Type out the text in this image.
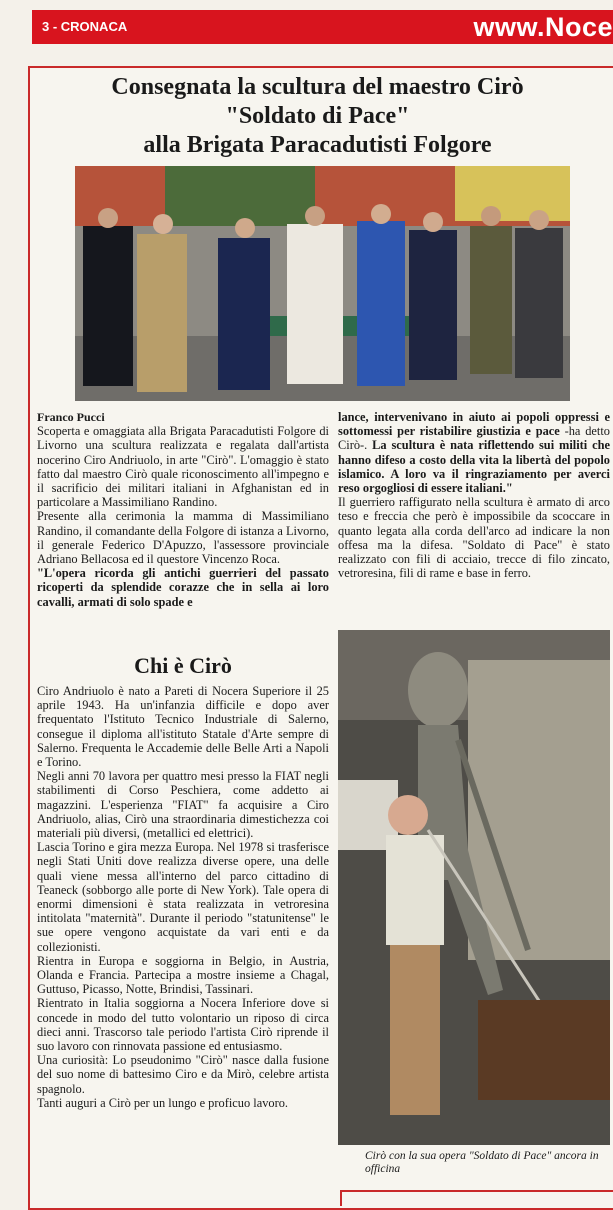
3 - CRONACA	www.Noce
Consegnata la scultura del maestro Cirò
"Soldato di Pace"
alla Brigata Paracadutisti Folgore

Franco Pucci

Scoperta e omaggiata alla Brigata Paracadutisti Folgore di Livorno una scultura realizzata e regalata dall'artista nocerino Ciro Andriuolo, in arte "Cirò". L'omaggio è stato fatto dal maestro Cirò quale riconoscimento all'impegno e il sacrificio dei militari italiani in Afghanistan ed in particolare a Massimiliano Randino.

Presente alla cerimonia la mamma di Massimiliano Randino, il comandante della Folgore di istanza a Livorno, il generale Federico D'Apuzzo, l'assessore provinciale Adriano Bellacosa ed il questore Vincenzo Roca.

"L'opera ricorda gli antichi guerrieri del passato ricoperti da splendide corazze che in sella ai loro cavalli, armati di solo spade e

Chi è Cirò

Ciro Andriuolo è nato a Pareti di Nocera Superiore il 25 aprile 1943. Ha un'infanzia difficile e dopo aver frequentato l'Istituto Tecnico Industriale di Salerno, consegue il diploma all'istituto Statale d'Arte sempre di Salerno. Frequenta le Accademie delle Belle Arti a Napoli e Torino.

Negli anni 70 lavora per quattro mesi presso la FIAT negli stabilimenti di Corso Peschiera, come addetto ai magazzini. L'esperienza "FIAT" fa acquisire a Ciro Andriuolo, alias, Cirò una straordinaria dimestichezza coi materiali più diversi, (metallici ed elettrici).

Lascia Torino e gira mezza Europa. Nel 1978 si trasferisce negli Stati Uniti dove realizza diverse opere, una delle quali viene messa all'interno del parco cittadino di Teaneck (sobborgo alle porte di New York). Tale opera di enormi dimensioni è stata realizzata in vetroresina intitolata "maternità". Durante il periodo "statunitense" le sue opere vengono acquistate da vari enti e da collezionisti.

Rientra in Europa e soggiorna in Belgio, in Austria, Olanda e Francia. Partecipa a mostre insieme a Chagal, Guttuso, Picasso, Notte, Brindisi, Tassinari.

Rientrato in Italia soggiorna a Nocera Inferiore dove si concede in modo del tutto volontario un riposo di circa dieci anni. Trascorso tale periodo l'artista Cirò riprende il suo lavoro con rinnovata passione ed entusiasmo.

Una curiosità: Lo pseudonimo "Cirò" nasce dalla fusione del suo nome di battesimo Ciro e da Mirò, celebre artista spagnolo.

Tanti auguri a Cirò per un lungo e proficuo lavoro.

lance, intervenivano in aiuto ai popoli oppressi e sottomessi per ristabilire giustizia e pace -ha detto Cirò-. La scultura è nata riflettendo sui militi che hanno difeso a costo della vita la libertà del popolo islamico. A loro va il ringraziamento per averci reso orgogliosi di essere italiani."

Il guerriero raffigurato nella scultura è armato di arco teso e freccia che però è impossibile da scoccare in quanto legata alla corda dell'arco ad indicare la non offesa ma la difesa. "Soldato di Pace" è stato realizzato con fili di acciaio, trecce di filo zincato, vetroresina, fili di rame e base in ferro.

Cirò con la sua opera "Soldato di Pace" ancora in officina
